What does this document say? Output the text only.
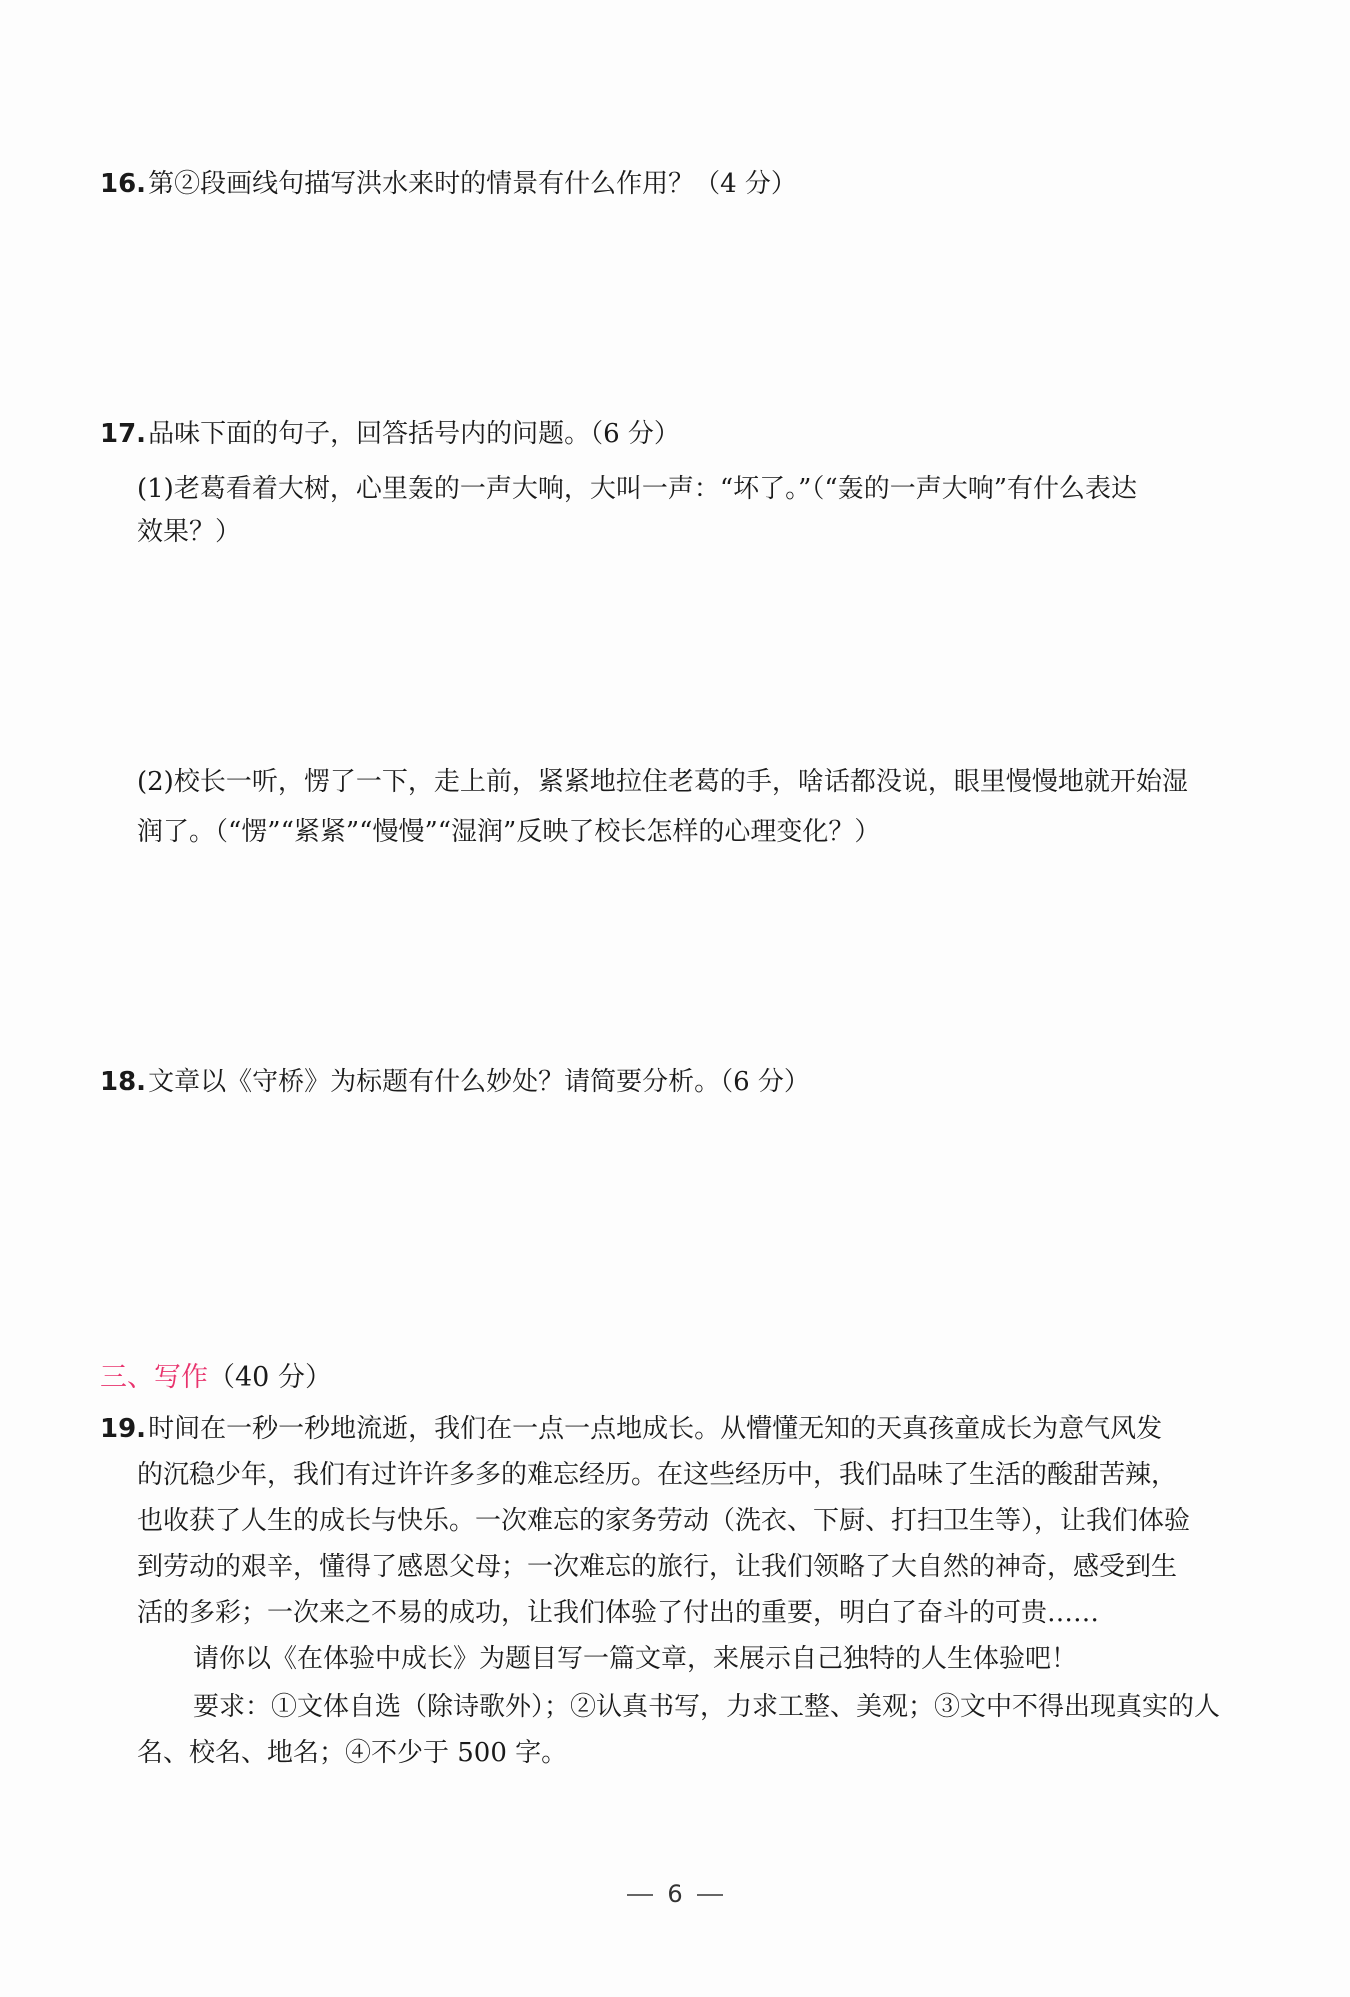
16.第②段画线句描写洪水来时的情景有什么作用？（4 分）
17.品味下面的句子，回答括号内的问题。（6 分）
(1)老葛看着大树，心里轰的一声大响，大叫一声：“坏了。”（“轰的一声大响”有什么表达
效果？）
(2)校长一听，愣了一下，走上前，紧紧地拉住老葛的手，啥话都没说，眼里慢慢地就开始湿
润了。（“愣”“紧紧”“慢慢”“湿润”反映了校长怎样的心理变化？）
18.文章以《守桥》为标题有什么妙处？请简要分析。（6 分）
三、写作（40 分）
19.时间在一秒一秒地流逝，我们在一点一点地成长。从懵懂无知的天真孩童成长为意气风发
的沉稳少年，我们有过许许多多的难忘经历。在这些经历中，我们品味了生活的酸甜苦辣，
也收获了人生的成长与快乐。一次难忘的家务劳动（洗衣、下厨、打扫卫生等），让我们体验
到劳动的艰辛，懂得了感恩父母；一次难忘的旅行，让我们领略了大自然的神奇，感受到生
活的多彩；一次来之不易的成功，让我们体验了付出的重要，明白了奋斗的可贵……
请你以《在体验中成长》为题目写一篇文章，来展示自己独特的人生体验吧！
要求：①文体自选（除诗歌外）；②认真书写，力求工整、美观；③文中不得出现真实的人
名、校名、地名；④不少于 500 字。
6
